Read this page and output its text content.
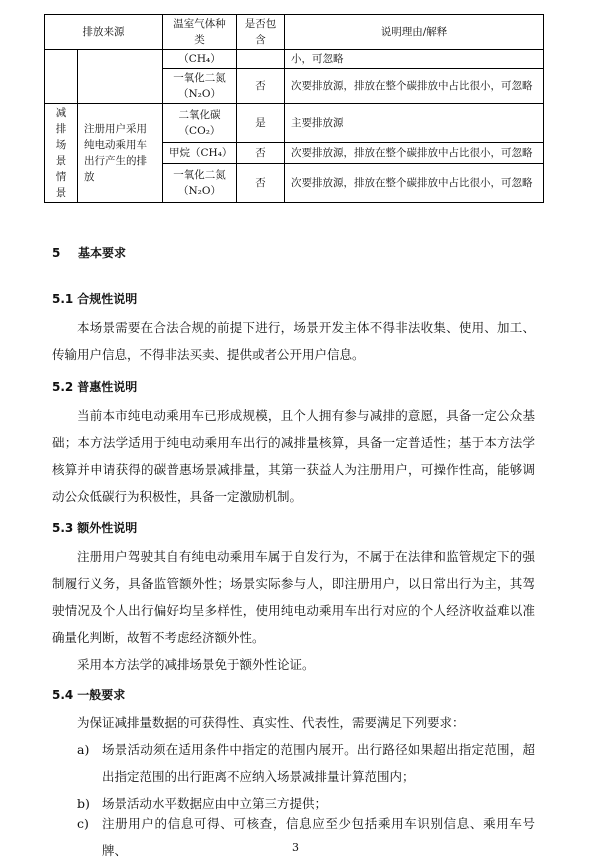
排放来源		温室气体种类	是否包含	说明理由/解释
		（CH₄）		小，可忽略
		一氧化二氮（N₂O）	否	次要排放源，排放在整个碳排放中占比很小，可忽略
减排场景情景	注册用户采用纯电动乘用车出行产生的排放	二氧化碳（CO₂）	是	主要排放源
		甲烷（CH₄）	否	次要排放源，排放在整个碳排放中占比很小，可忽略
		一氧化二氮（N₂O）	否	次要排放源，排放在整个碳排放中占比很小，可忽略
5 基本要求
5.1 合规性说明

本场景需要在合法合规的前提下进行，场景开发主体不得非法收集、使用、加工、传输用户信息，不得非法买卖、提供或者公开用户信息。

5.2 普惠性说明

当前本市纯电动乘用车已形成规模，且个人拥有参与减排的意愿，具备一定公众基础；本方法学适用于纯电动乘用车出行的减排量核算，具备一定普适性；基于本方法学核算并申请获得的碳普惠场景减排量，其第一获益人为注册用户，可操作性高，能够调动公众低碳行为积极性，具备一定激励机制。

5.3 额外性说明

注册用户驾驶其自有纯电动乘用车属于自发行为，不属于在法律和监管规定下的强制履行义务，具备监管额外性；场景实际参与人，即注册用户，以日常出行为主，其驾驶情况及个人出行偏好均呈多样性，使用纯电动乘用车出行对应的个人经济收益难以准确量化判断，故暂不考虑经济额外性。

采用本方法学的减排场景免于额外性论证。

5.4 一般要求

为保证减排量数据的可获得性、真实性、代表性，需要满足下列要求：

a) 场景活动须在适用条件中指定的范围内展开。出行路径如果超出指定范围，超出指定范围的出行距离不应纳入场景减排量计算范围内；
b) 场景活动水平数据应由中立第三方提供；
c) 注册用户的信息可得、可核查，信息应至少包括乘用车识别信息、乘用车号牌、	3
